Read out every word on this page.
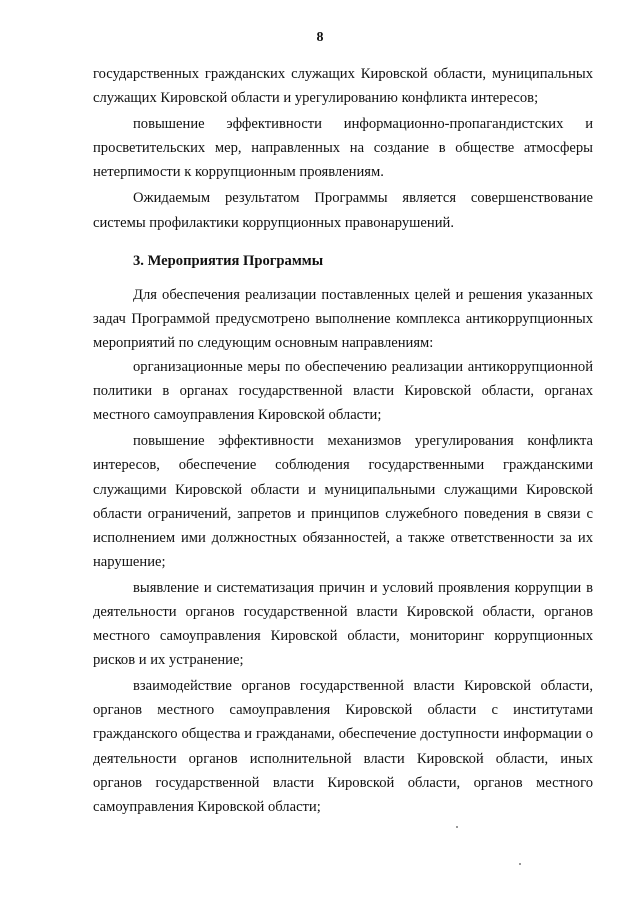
8

государственных гражданских служащих Кировской области, муниципальных служащих Кировской области и урегулированию конфликта интересов;

повышение эффективности информационно-пропагандистских и просветительских мер, направленных на создание в обществе атмосферы нетерпимости к коррупционным проявлениям.

Ожидаемым результатом Программы является совершенствование системы профилактики коррупционных правонарушений.

3. Мероприятия Программы

Для обеспечения реализации поставленных целей и решения указанных задач Программой предусмотрено выполнение комплекса антикоррупционных мероприятий по следующим основным направлениям:

организационные меры по обеспечению реализации антикоррупционной политики в органах государственной власти Кировской области, органах местного самоуправления Кировской области;

повышение эффективности механизмов урегулирования конфликта интересов, обеспечение соблюдения государственными гражданскими служащими Кировской области и муниципальными служащими Кировской области ограничений, запретов и принципов служебного поведения в связи с исполнением ими должностных обязанностей, а также ответственности за их нарушение;

выявление и систематизация причин и условий проявления коррупции в деятельности органов государственной власти Кировской области, органов местного самоуправления Кировской области, мониторинг коррупционных рисков и их устранение;

взаимодействие органов государственной власти Кировской области, органов местного самоуправления Кировской области с институтами гражданского общества и гражданами, обеспечение доступности информации о деятельности органов исполнительной власти Кировской области, иных органов государственной власти Кировской области, органов местного самоуправления Кировской области;
